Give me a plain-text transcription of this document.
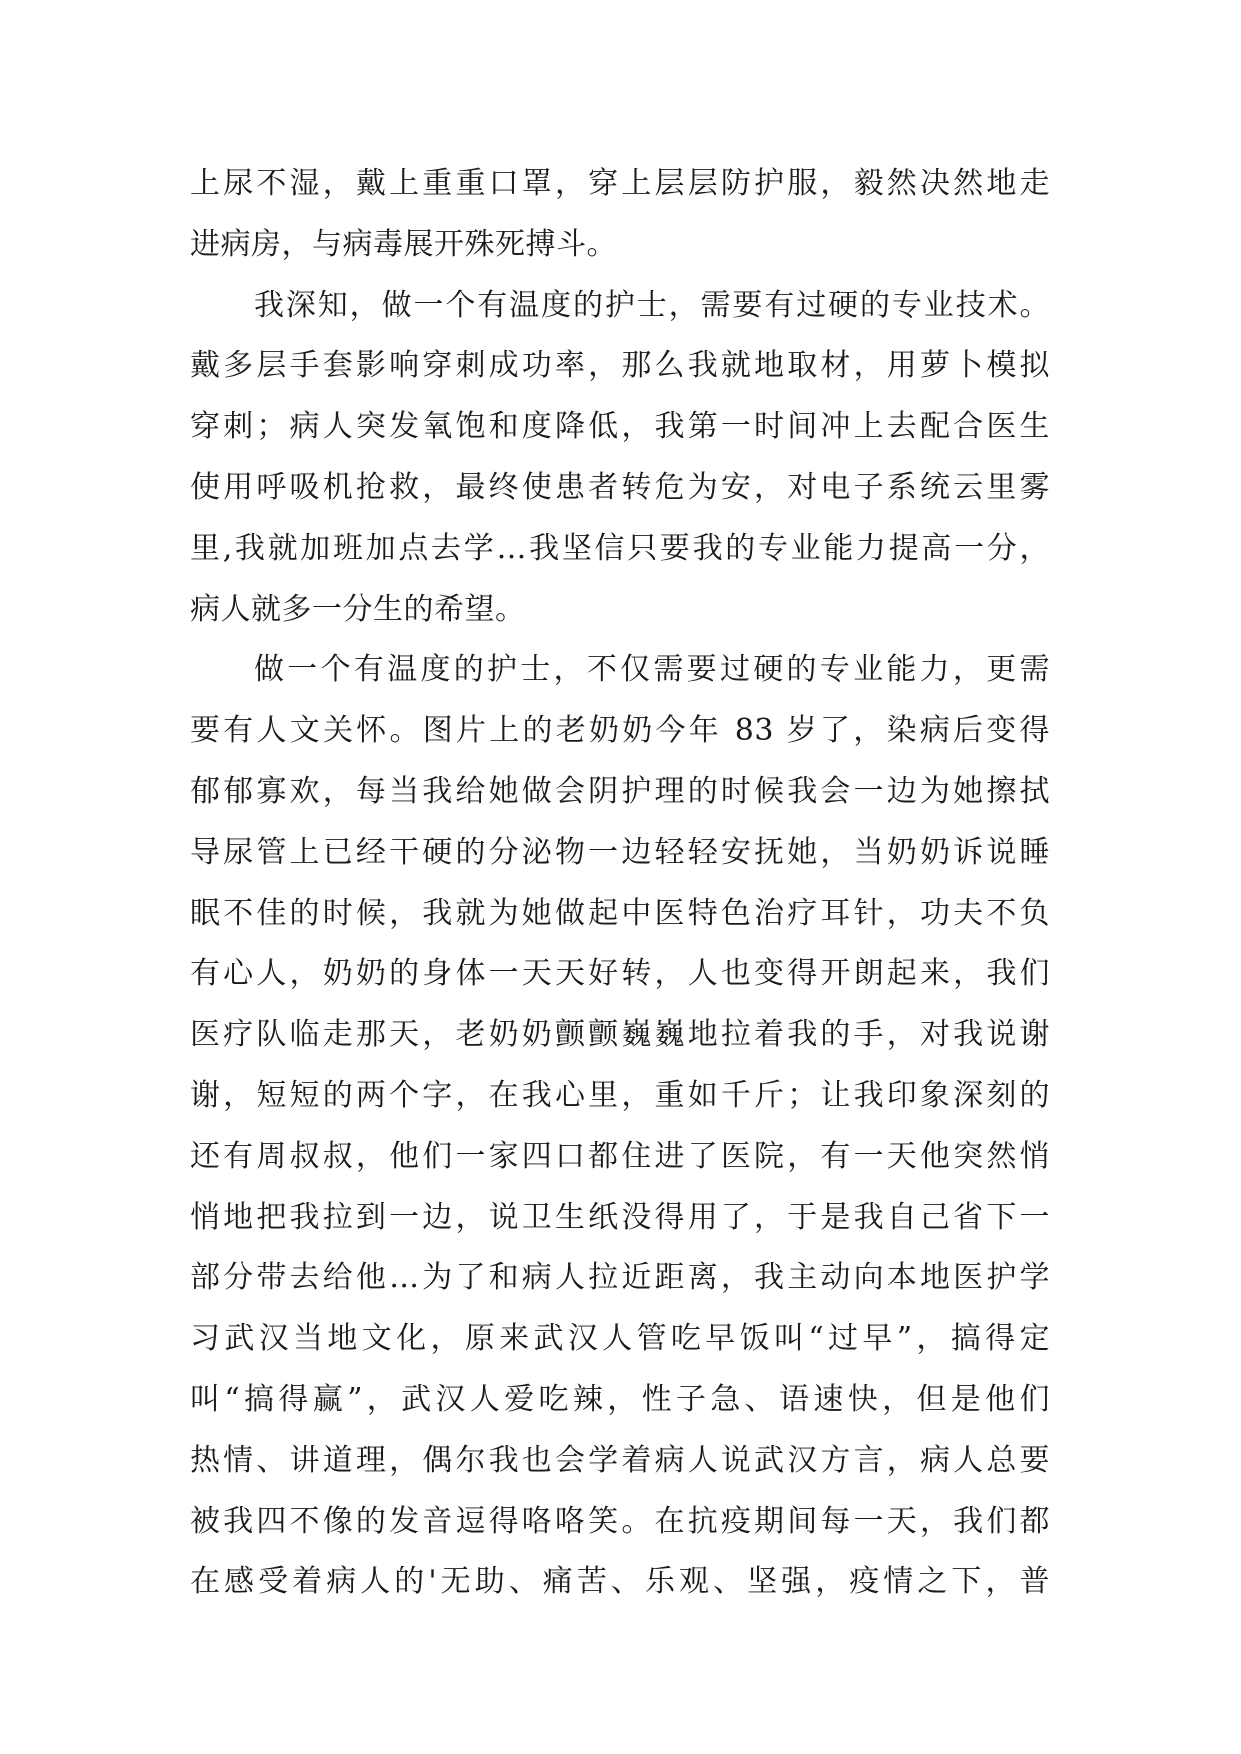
上尿不湿，戴上重重口罩，穿上层层防护服，毅然决然地走
进病房，与病毒展开殊死搏斗。
我深知，做一个有温度的护士，需要有过硬的专业技术。
戴多层手套影响穿刺成功率，那么我就地取材，用萝卜模拟
穿刺；病人突发氧饱和度降低，我第一时间冲上去配合医生
使用呼吸机抢救，最终使患者转危为安，对电子系统云里雾
里,我就加班加点去学…我坚信只要我的专业能力提高一分，
病人就多一分生的希望。
做一个有温度的护士，不仅需要过硬的专业能力，更需
要有人文关怀。图片上的老奶奶今年 83 岁了，染病后变得
郁郁寡欢，每当我给她做会阴护理的时候我会一边为她擦拭
导尿管上已经干硬的分泌物一边轻轻安抚她，当奶奶诉说睡
眠不佳的时候，我就为她做起中医特色治疗耳针，功夫不负
有心人，奶奶的身体一天天好转，人也变得开朗起来，我们
医疗队临走那天，老奶奶颤颤巍巍地拉着我的手，对我说谢
谢，短短的两个字，在我心里，重如千斤；让我印象深刻的
还有周叔叔，他们一家四口都住进了医院，有一天他突然悄
悄地把我拉到一边，说卫生纸没得用了，于是我自己省下一
部分带去给他…为了和病人拉近距离，我主动向本地医护学
习武汉当地文化，原来武汉人管吃早饭叫“过早”，搞得定
叫“搞得赢”，武汉人爱吃辣，性子急、语速快，但是他们
热情、讲道理，偶尔我也会学着病人说武汉方言，病人总要
被我四不像的发音逗得咯咯笑。在抗疫期间每一天，我们都
在感受着病人的'无助、痛苦、乐观、坚强，疫情之下，普
